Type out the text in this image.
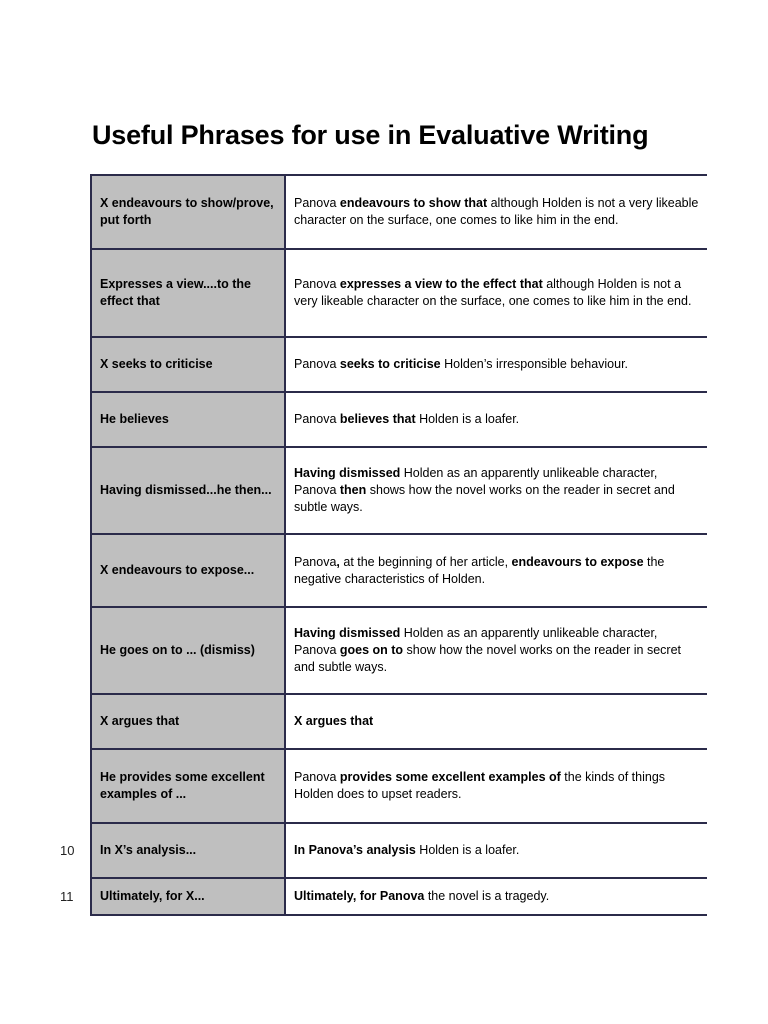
Useful Phrases for use in Evaluative Writing
X endeavours to show/prove, put forth	Panova endeavours to show that although Holden is not a very likeable character on the surface, one comes to like him in the end.
Expresses a view....to the effect that	Panova expresses a view to the effect that although Holden is not a very likeable character on the surface, one comes to like him in the end.
X seeks to criticise	Panova seeks to criticise Holden’s irresponsible behaviour.
He believes	Panova believes that Holden is a loafer.
Having dismissed...he then...	Having dismissed Holden as an apparently unlikeable character, Panova then shows how the novel works on the reader in secret and subtle ways.
X endeavours to expose...	Panova, at the beginning of her article, endeavours to expose the negative characteristics of Holden.
He goes on to ... (dismiss)	Having dismissed Holden as an apparently unlikeable character, Panova goes on to show how the novel works on the reader in secret and subtle ways.
X argues that	X argues that
He provides some excellent examples of ...	Panova provides some excellent examples of the kinds of things Holden does to upset readers.
In X’s analysis...	In Panova’s analysis Holden is a loafer.
Ultimately, for X...	Ultimately, for Panova the novel is a tragedy.
10
11
